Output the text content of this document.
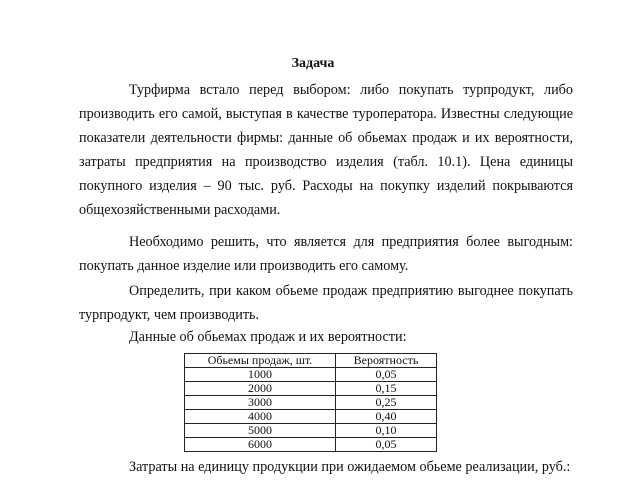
Задача

Турфирма встало перед выбором: либо покупать турпродукт, либо производить его самой, выступая в качестве туроператора. Известны следующие показатели деятельности фирмы: данные об обьемах продаж и их вероятности, затраты предприятия на производство изделия (табл. 10.1). Цена единицы покупного изделия – 90 тыс. руб. Расходы на покупку изделий покрываются общехозяйственными расходами.

Необходимо решить, что является для предприятия более выгодным: покупать данное изделие или производить его самому.

Определить, при каком обьеме продаж предприятию выгоднее покупать турпродукт, чем производить.

Данные об обьемах продаж и их вероятности:

Обьемы продаж, шт.	Вероятность
1000	0,05
2000	0,15
3000	0,25
4000	0,40
5000	0,10
6000	0,05

Затраты на единицу продукции при ожидаемом обьеме реализации, руб.:
